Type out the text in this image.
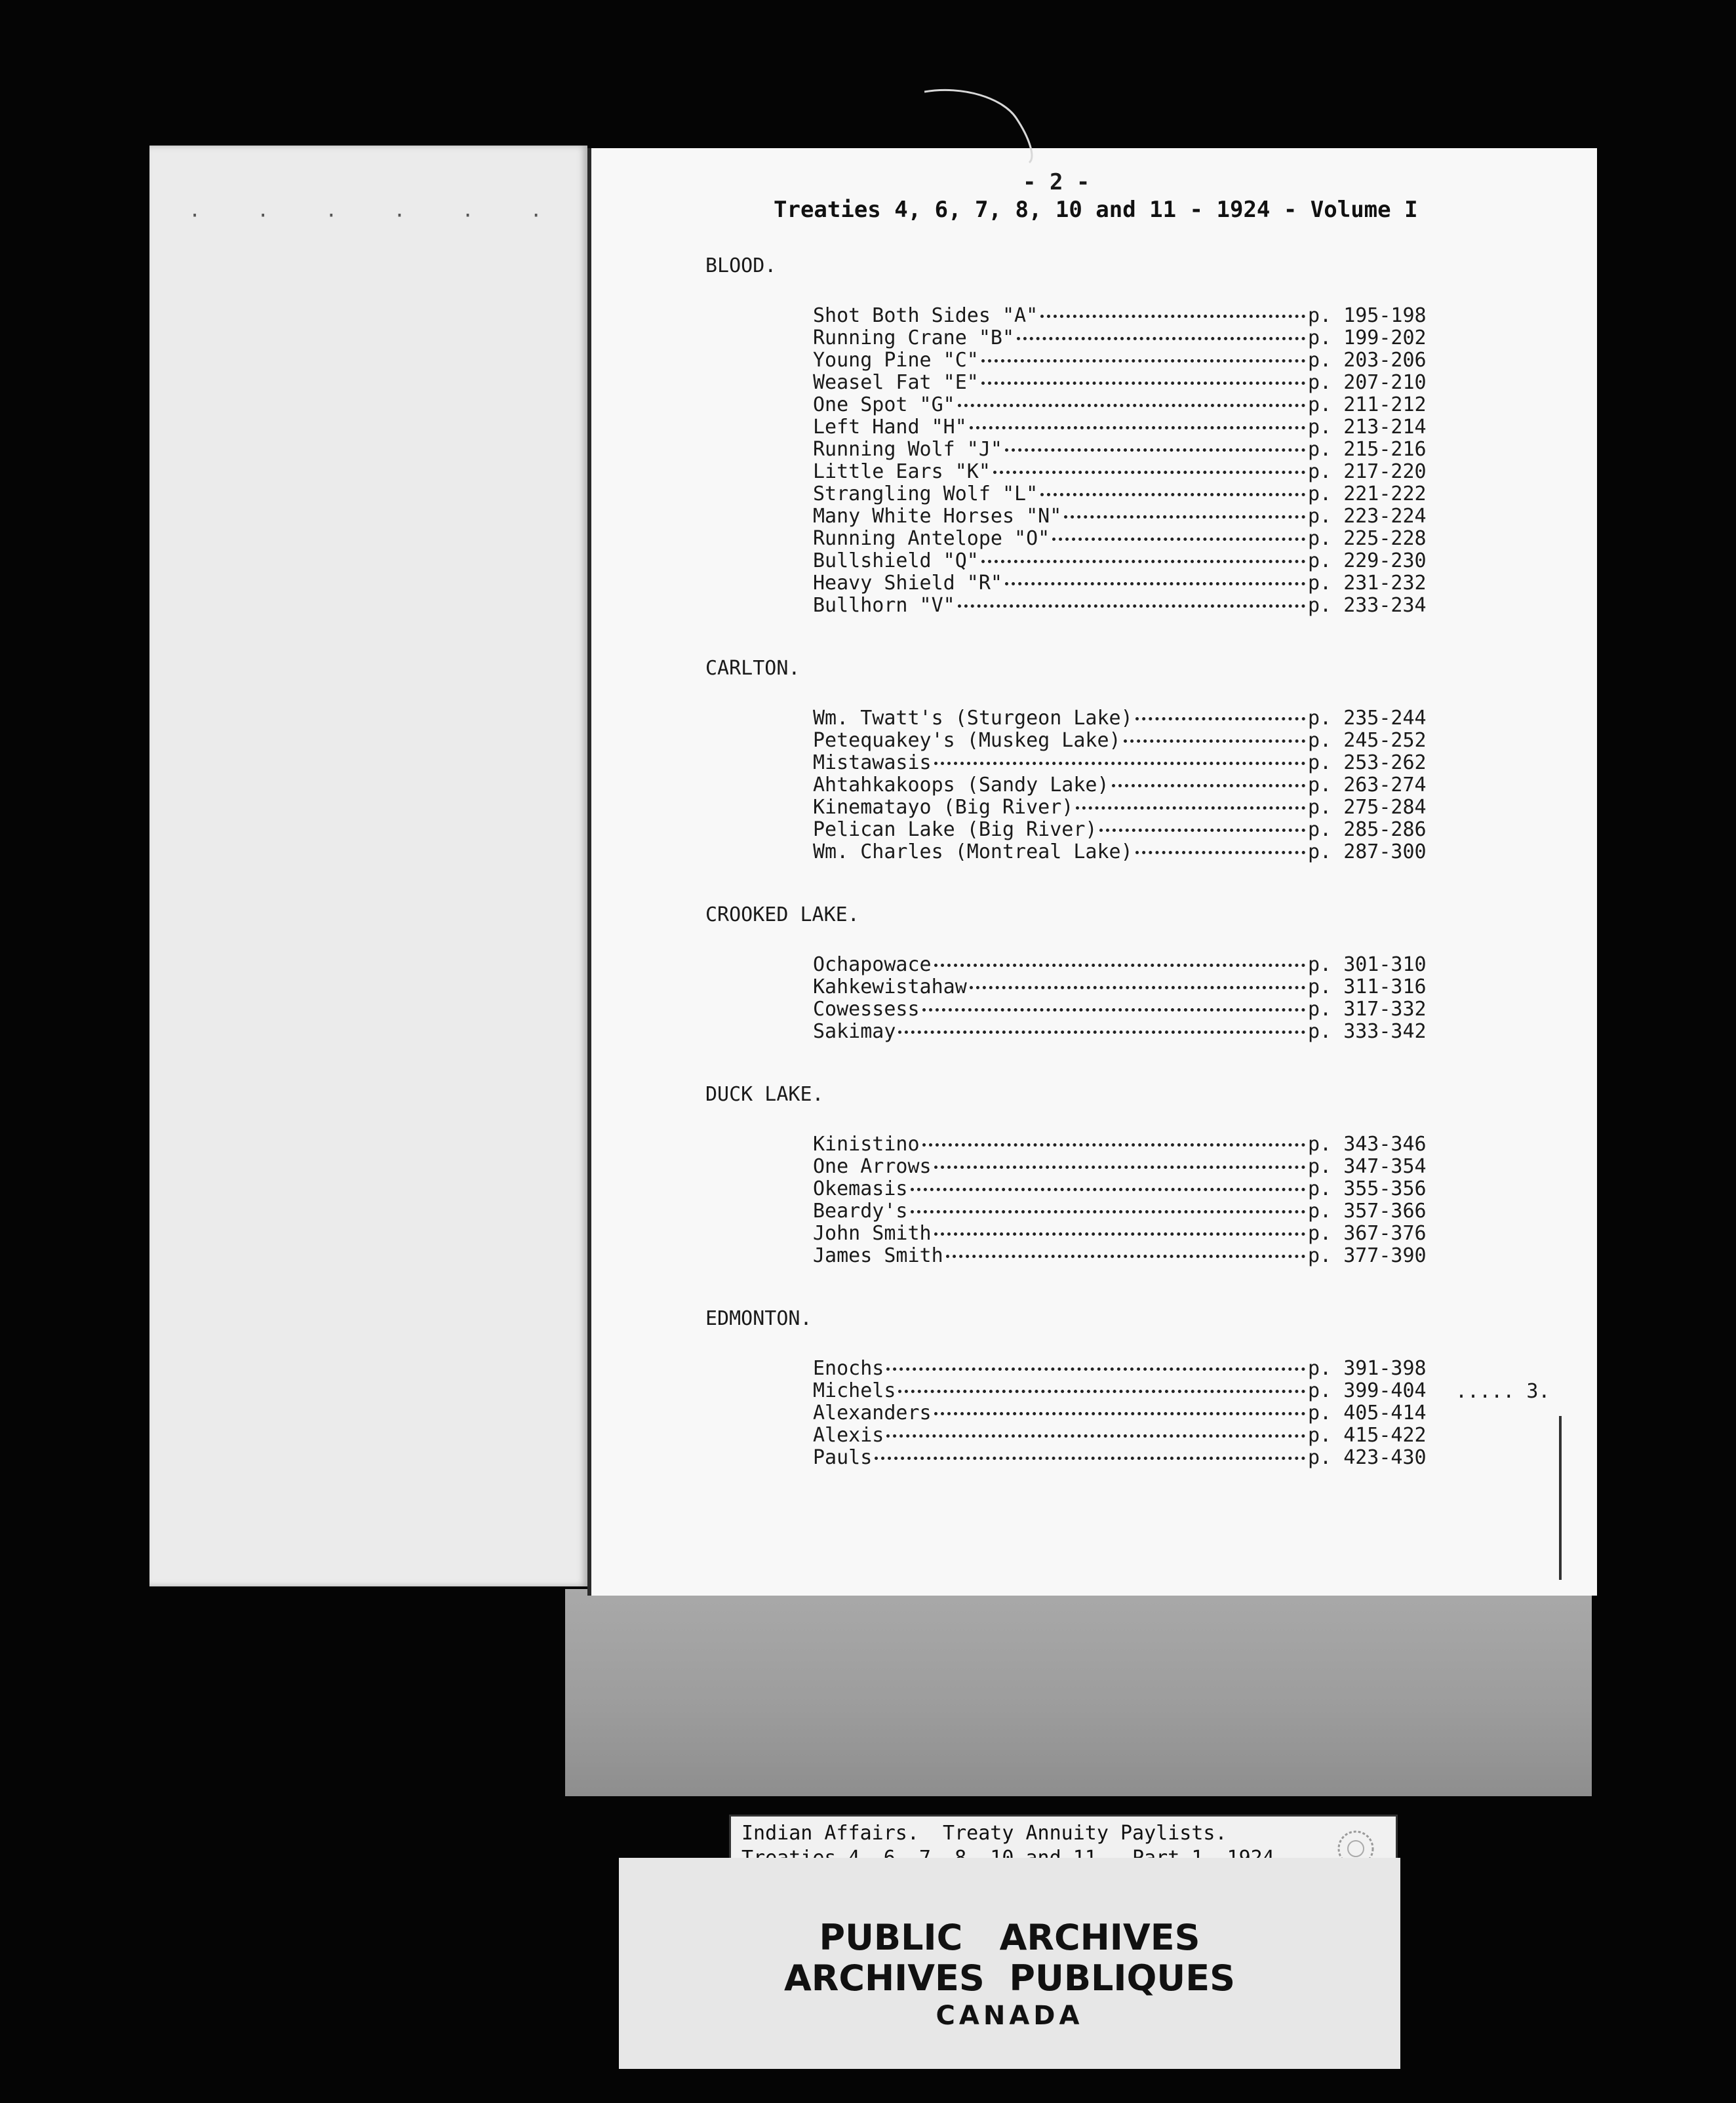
· · · · · ·
- 2 -
Treaties 4, 6, 7, 8, 10 and 11 - 1924 - Volume I
BLOOD.
Shot Both Sides "A"	p. 195-198
Running Crane "B"	p. 199-202
Young Pine "C"	p. 203-206
Weasel Fat "E"	p. 207-210
One Spot "G"	p. 211-212
Left Hand "H"	p. 213-214
Running Wolf "J"	p. 215-216
Little Ears "K"	p. 217-220
Strangling Wolf "L"	p. 221-222
Many White Horses "N"	p. 223-224
Running Antelope "O"	p. 225-228
Bullshield "Q"	p. 229-230
Heavy Shield "R"	p. 231-232
Bullhorn "V"	p. 233-234
CARLTON.
Wm. Twatt's (Sturgeon Lake)	p. 235-244
Petequakey's (Muskeg Lake)	p. 245-252
Mistawasis	p. 253-262
Ahtahkakoops (Sandy Lake)	p. 263-274
Kinematayo (Big River)	p. 275-284
Pelican Lake (Big River)	p. 285-286
Wm. Charles (Montreal Lake)	p. 287-300
CROOKED LAKE.
Ochapowace	p. 301-310
Kahkewistahaw	p. 311-316
Cowessess	p. 317-332
Sakimay	p. 333-342
DUCK LAKE.
Kinistino	p. 343-346
One Arrows	p. 347-354
Okemasis	p. 355-356
Beardy's	p. 357-366
John Smith	p. 367-376
James Smith	p. 377-390
EDMONTON.
Enochs	p. 391-398
Michels	p. 399-404
Alexanders	p. 405-414
Alexis	p. 415-422
Pauls	p. 423-430
..... 3.
Indian Affairs.  Treaty Annuity Paylists.
PUBLIC   ARCHIVES
ARCHIVES  PUBLIQUES
CANADA
